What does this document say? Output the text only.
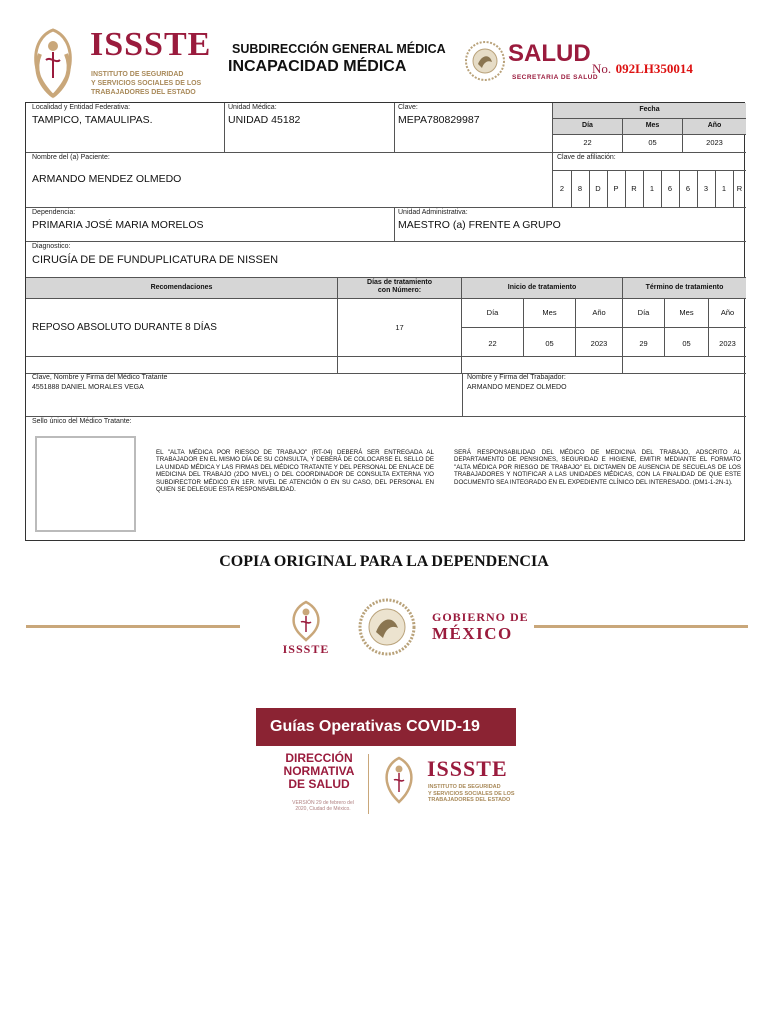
ISSSTE
INSTITUTO DE SEGURIDAD
Y SERVICIOS SOCIALES DE LOS
TRABAJADORES DEL ESTADO
SUBDIRECCIÓN GENERAL MÉDICA
INCAPACIDAD MÉDICA	SALUD
SECRETARIA DE SALUD
No. 092LH350014
Localidad y Entidad Federativa:
TAMPICO, TAMAULIPAS.
Unidad Médica:
UNIDAD 45182
Clave:
MEPA780829987
Fecha
Día	Mes	Año
22	05	2023
Nombre del (a) Paciente:
ARMANDO MENDEZ OLMEDO
Clave de afiliación:
2	8	D	P	R	1	6	6	3	1	R
Dependencia:
PRIMARIA JOSÉ MARIA MORELOS
Unidad Administrativa:
MAESTRO (a) FRENTE A GRUPO
Diagnostico:
CIRUGÍA DE DE FUNDUPLICATURA DE NISSEN
Recomendaciones
Días de tratamiento
con Número:	Inicio de tratamiento	Término de tratamiento
REPOSO ABSOLUTO DURANTE 8 DÍAS	17
Día	Mes	Año	Día	Mes	Año
22	05	2023	29	05	2023
Clave, Nombre y Firma del Médico Tratante
4551888 DANIEL MORALES VEGA
Nombre y Firma del Trabajador:
ARMANDO MENDEZ OLMEDO
Sello único del Médico Tratante:
EL "ALTA MÉDICA POR RIESGO DE TRABAJO" (RT-04) DEBERÁ SER ENTREGADA AL TRABAJADOR EN EL MISMO DÍA DE SU CONSULTA, Y DEBERÁ DE COLOCARSE EL SELLO DE LA UNIDAD MÉDICA Y LAS FIRMAS DEL MÉDICO TRATANTE Y DEL PERSONAL DE ENLACE DE MEDICINA DEL TRABAJO (2DO NIVEL) O DEL COORDINADOR DE CONSULTA EXTERNA Y/O SUBDIRECTOR MÉDICO EN 1ER. NIVEL DE ATENCIÓN O EN SU CASO, DEL PERSONAL EN QUIEN SE DELEGUE ESTA RESPONSABILIDAD.
SERÁ RESPONSABILIDAD DEL MÉDICO DE MEDICINA DEL TRABAJO, ADSCRITO AL DEPARTAMENTO DE PENSIONES, SEGURIDAD E HIGIENE, EMITIR MEDIANTE EL FORMATO "ALTA MÉDICA POR RIESGO DE TRABAJO" EL DICTAMEN DE AUSENCIA DE SECUELAS DE LOS TRABAJADORES Y NOTIFICAR A LAS UNIDADES MÉDICAS, CON LA FINALIDAD DE QUE ESTE DOCUMENTO SEA INTEGRADO EN EL EXPEDIENTE CLÍNICO DEL INTERESADO. (DM1-1-2N-1).
COPIA ORIGINAL PARA LA DEPENDENCIA
ISSSTE
GOBIERNO DE
MÉXICO
Guías Operativas COVID-19
DIRECCIÓN
NORMATIVA
DE SALUD
VERSIÓN 29 de febrero del
2020, Ciudad de México.
ISSSTE
INSTITUTO DE SEGURIDAD
Y SERVICIOS SOCIALES DE LOS
TRABAJADORES DEL ESTADO
